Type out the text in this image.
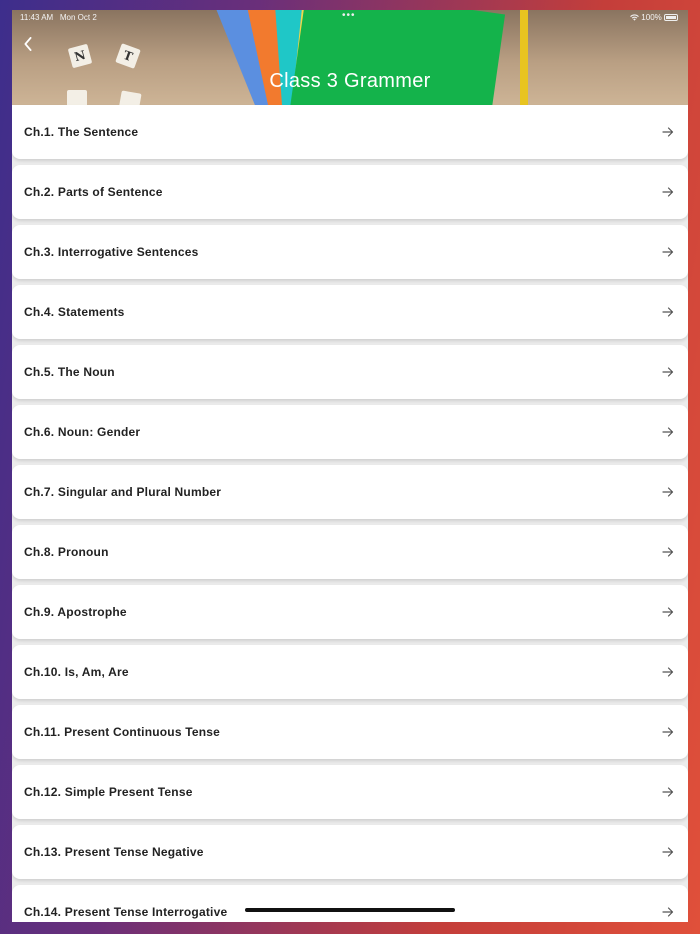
N	T
11:43 AM Mon Oct 2	•••	100%
Class 3 Grammer
Ch.1. The Sentence
Ch.2. Parts of Sentence
Ch.3. Interrogative Sentences
Ch.4. Statements
Ch.5. The Noun
Ch.6. Noun: Gender
Ch.7. Singular and Plural Number
Ch.8. Pronoun
Ch.9. Apostrophe
Ch.10. Is, Am, Are
Ch.11. Present Continuous Tense
Ch.12. Simple Present Tense
Ch.13. Present Tense Negative
Ch.14. Present Tense Interrogative
